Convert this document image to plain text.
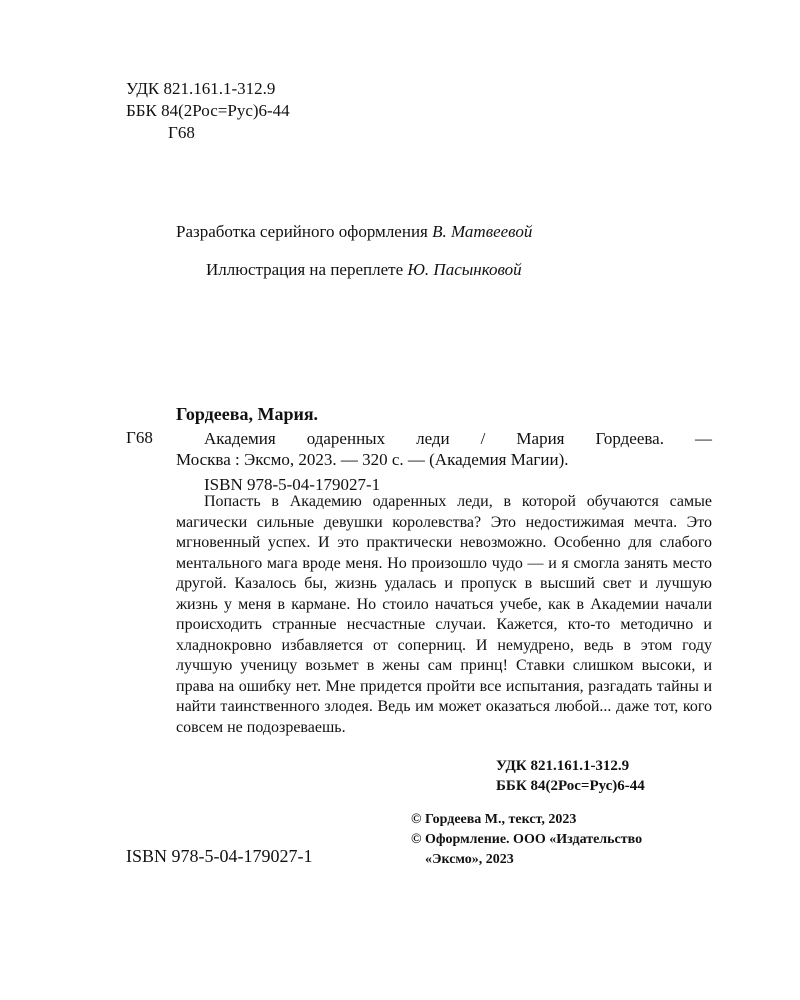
УДК 821.161.1-312.9
ББК 84(2Рос=Рус)6-44
Г68
Разработка серийного оформления В. Матвеевой
Иллюстрация на переплете Ю. Пасынковой
Гордеева, Мария.
Г68	Академия одаренных леди / Мария Гордеева. —
Москва : Эксмо, 2023. — 320 с. — (Академия Магии).
ISBN 978-5-04-179027-1

Попасть в Академию одаренных леди, в которой обучаются самые магически сильные девушки королевства? Это недостижимая мечта. Это мгновенный успех. И это практически невозможно. Особенно для слабого ментального мага вроде меня. Но произошло чудо — и я смогла занять место другой. Казалось бы, жизнь удалась и пропуск в высший свет и лучшую жизнь у меня в кармане. Но стоило начаться учебе, как в Академии начали происходить странные несчастные случаи. Кажется, кто-то методично и хладнокровно избавляется от соперниц. И немудрено, ведь в этом году лучшую ученицу возьмет в жены сам принц! Ставки слишком высоки, и права на ошибку нет. Мне придется пройти все испытания, разгадать тайны и найти таинственного злодея. Ведь им может оказаться любой... даже тот, кого совсем не подозреваешь.

УДК 821.161.1-312.9
ББК 84(2Рос=Рус)6-44
© Гордеева М., текст, 2023
© Оформление. ООО «Издательство
«Эксмо», 2023
ISBN 978-5-04-179027-1
